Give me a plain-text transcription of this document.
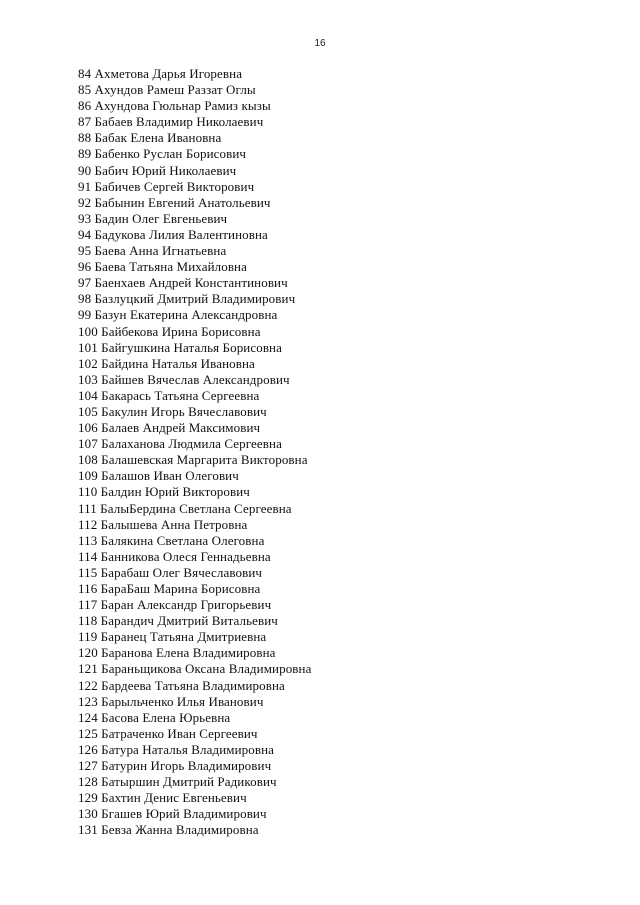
16
84 Ахметова Дарья Игоревна
85 Ахундов Рамеш Раззат Оглы
86 Ахундова Гюльнар Рамиз кызы
87 Бабаев Владимир Николаевич
88 Бабак Елена Ивановна
89 Бабенко Руслан Борисович
90 Бабич Юрий Николаевич
91 Бабичев Сергей Викторович
92 Бабынин Евгений Анатольевич
93 Бадин Олег Евгеньевич
94 Бадукова Лилия Валентиновна
95 Баева Анна Игнатьевна
96 Баева Татьяна Михайловна
97 Баенхаев Андрей Константинович
98 Базлуцкий Дмитрий Владимирович
99 Базун Екатерина Александровна
100 Байбекова Ирина Борисовна
101 Байгушкина Наталья Борисовна
102 Байдина Наталья Ивановна
103 Байшев Вячеслав Александрович
104 Бакарась Татьяна Сергеевна
105 Бакулин Игорь Вячеславович
106 Балаев Андрей Максимович
107 Балаханова Людмила Сергеевна
108 Балашевская Маргарита Викторовна
109 Балашов Иван Олегович
110 Балдин Юрий Викторович
111 БалыБердина Светлана Сергеевна
112 Балышева Анна Петровна
113 Балякина Светлана Олеговна
114 Банникова Олеся Геннадьевна
115 Барабаш Олег Вячеславович
116 БараБаш Марина Борисовна
117 Баран Александр Григорьевич
118 Барандич Дмитрий Витальевич
119 Баранец Татьяна Дмитриевна
120 Баранова Елена Владимировна
121 Бараньщикова Оксана Владимировна
122 Бардеева Татьяна Владимировна
123 Барыльченко Илья Иванович
124 Басова Елена Юрьевна
125 Батраченко Иван Сергеевич
126 Батура Наталья Владимировна
127 Батурин Игорь Владимирович
128 Батыршин Дмитрий Радикович
129 Бахтин Денис Евгеньевич
130 Бгашев Юрий Владимирович
131 Бевза Жанна Владимировна
